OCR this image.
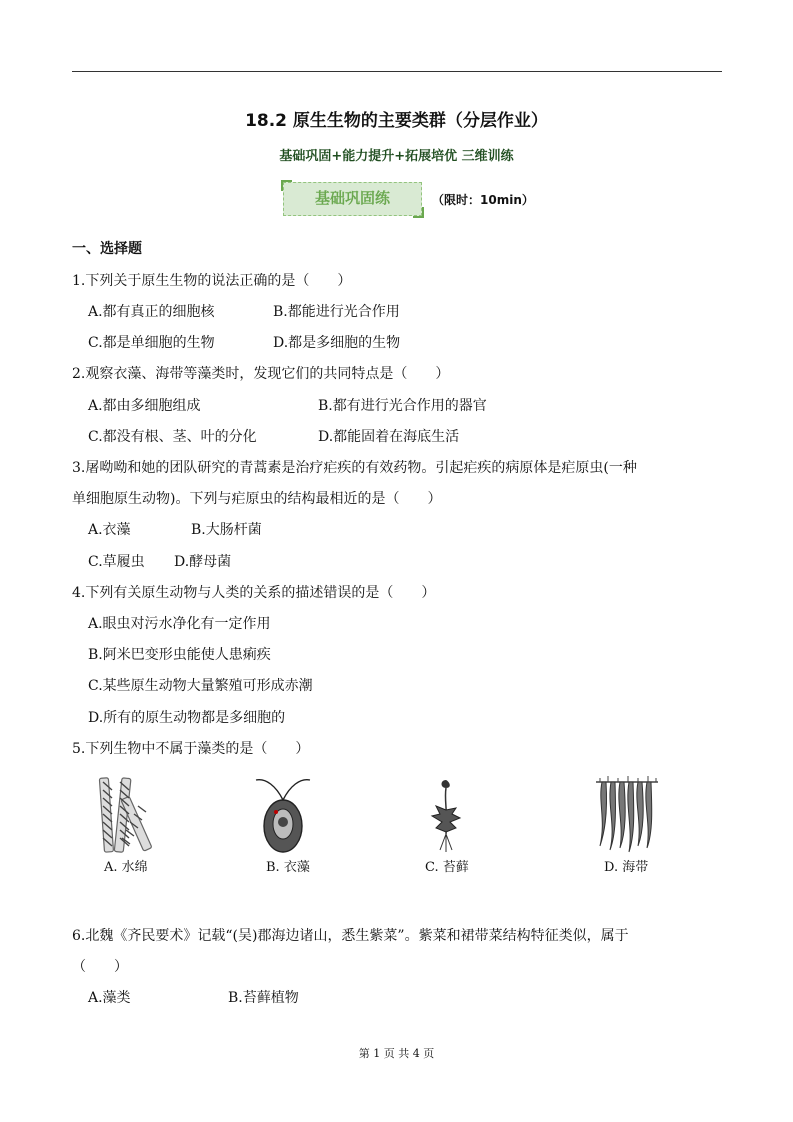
18.2 原生生物的主要类群（分层作业）
基础巩固+能力提升+拓展培优 三维训练
基础巩固练	（限时：10min）
一、选择题
1.下列关于原生生物的说法正确的是（　　）
A.都有真正的细胞核	B.都能进行光合作用
C.都是单细胞的生物	D.都是多细胞的生物
2.观察衣藻、海带等藻类时，发现它们的共同特点是（　　）
A.都由多细胞组成	B.都有进行光合作用的器官
C.都没有根、茎、叶的分化	D.都能固着在海底生活
3.屠呦呦和她的团队研究的青蒿素是治疗疟疾的有效药物。引起疟疾的病原体是疟原虫(一种
单细胞原生动物)。下列与疟原虫的结构最相近的是（　　）
A.衣藻	B.大肠杆菌
C.草履虫 D.酵母菌
4.下列有关原生动物与人类的关系的描述错误的是（　　）
A.眼虫对污水净化有一定作用
B.阿米巴变形虫能使人患痢疾
C.某些原生动物大量繁殖可形成赤潮
D.所有的原生动物都是多细胞的
5.下列生物中不属于藻类的是（　　）
A. 水绵	B. 衣藻	C. 苔藓	D. 海带
6.北魏《齐民要术》记载“(吴)郡海边诸山，悉生紫菜”。紫菜和裙带菜结构特征类似，属于
（　　）
A.藻类	B.苔藓植物
第 1 页 共 4 页
